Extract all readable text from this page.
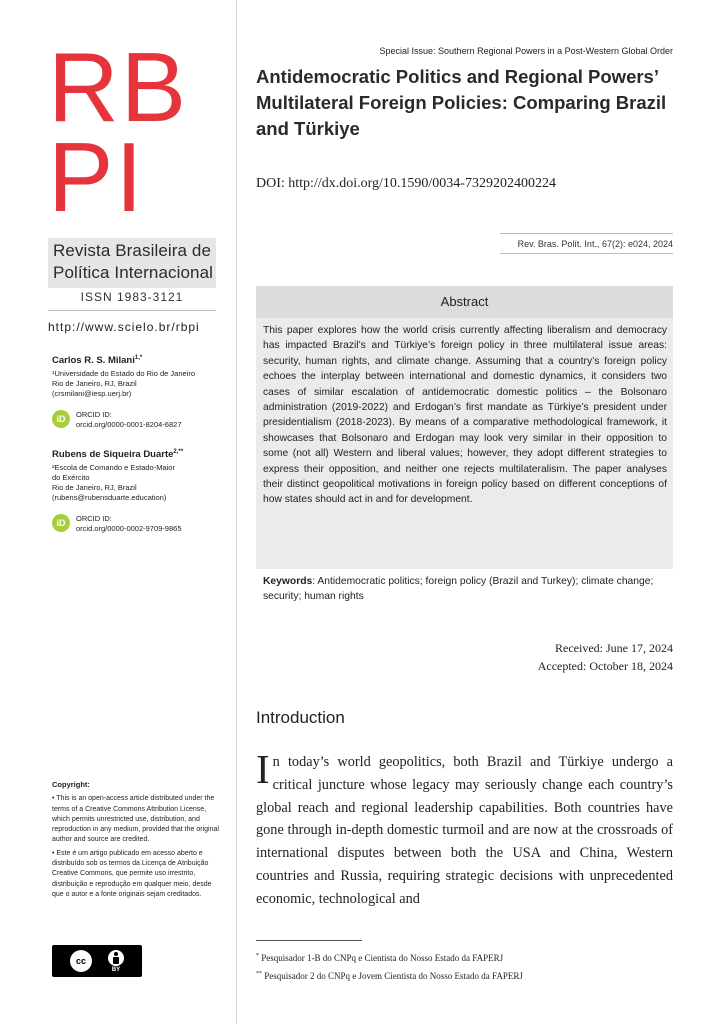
RB
PI
Revista Brasileira de
Política Internacional
ISSN 1983-3121
http://www.scielo.br/rbpi
Carlos R. S. Milani$^{1,*}$
¹Universidade do Estado do Rio de Janeiro
Rio de Janeiro, RJ, Brazil
(crsmilani@iesp.uerj.br)
iD	ORCID ID:
orcid.org/0000-0001-8204-6827
Rubens de Siqueira Duarte$^{2,**}$
²Escola de Comando e Estado-Maior
do Exército
Rio de Janeiro, RJ, Brazil
(rubens@rubensduarte.education)
iD	ORCID ID:
orcid.org/0000-0002-9709-9865
Copyright:

• This is an open-access article distributed under the terms of a Creative Commons Attribution License, which permits unrestricted use, distribution, and reproduction in any medium, provided that the original author and source are credited.

• Este é um artigo publicado em acesso aberto e distribuído sob os termos da Licença de Atribuição Creative Commons, que permite uso irrestrito, distribuição e reprodução em qualquer meio, desde que o autor e a fonte originais sejam creditados.

cc
BY
Special Issue: Southern Regional Powers in a Post-Western Global Order
Antidemocratic Politics and Regional Powers’ Multilateral Foreign Policies: Comparing Brazil and Türkiye
DOI: http://dx.doi.org/10.1590/0034-7329202400224
Rev. Bras. Polít. Int., 67(2): e024, 2024
Abstract
This paper explores how the world crisis currently affecting liberalism and democracy has impacted Brazil’s and Türkiye’s foreign policy in three multilateral issue areas: security, human rights, and climate change. Assuming that a country’s foreign policy echoes the interplay between international and domestic dynamics, it considers two cases of similar escalation of antidemocratic domestic politics – the Bolsonaro administration (2019-2022) and Erdogan’s first mandate as Türkiye’s president under presidentialism (2018-2023). By means of a comparative methodological framework, it showcases that Bolsonaro and Erdogan may look very similar in their opposition to some (not all) Western and liberal values; however, they adopt different strategies to express their opposition, and neither one rejects multilateralism. The paper analyses their distinct geopolitical motivations in foreign policy based on different conceptions of how states should act in and for development.
Keywords: Antidemocratic politics; foreign policy (Brazil and Turkey); climate change; security; human rights
Received: June 17, 2024
Accepted: October 18, 2024
Introduction
In today’s world geopolitics, both Brazil and Türkiye undergo a critical juncture whose legacy may seriously change each country’s global reach and regional leadership capabilities. Both countries have gone through in-depth domestic turmoil and are now at the crossroads of international disputes between both the USA and China, Western countries and Russia, requiring strategic decisions with unprecedented economic, technological and
* Pesquisador 1-B do CNPq e Cientista do Nosso Estado da FAPERJ
** Pesquisador 2 do CNPq e Jovem Cientista do Nosso Estado da FAPERJ
